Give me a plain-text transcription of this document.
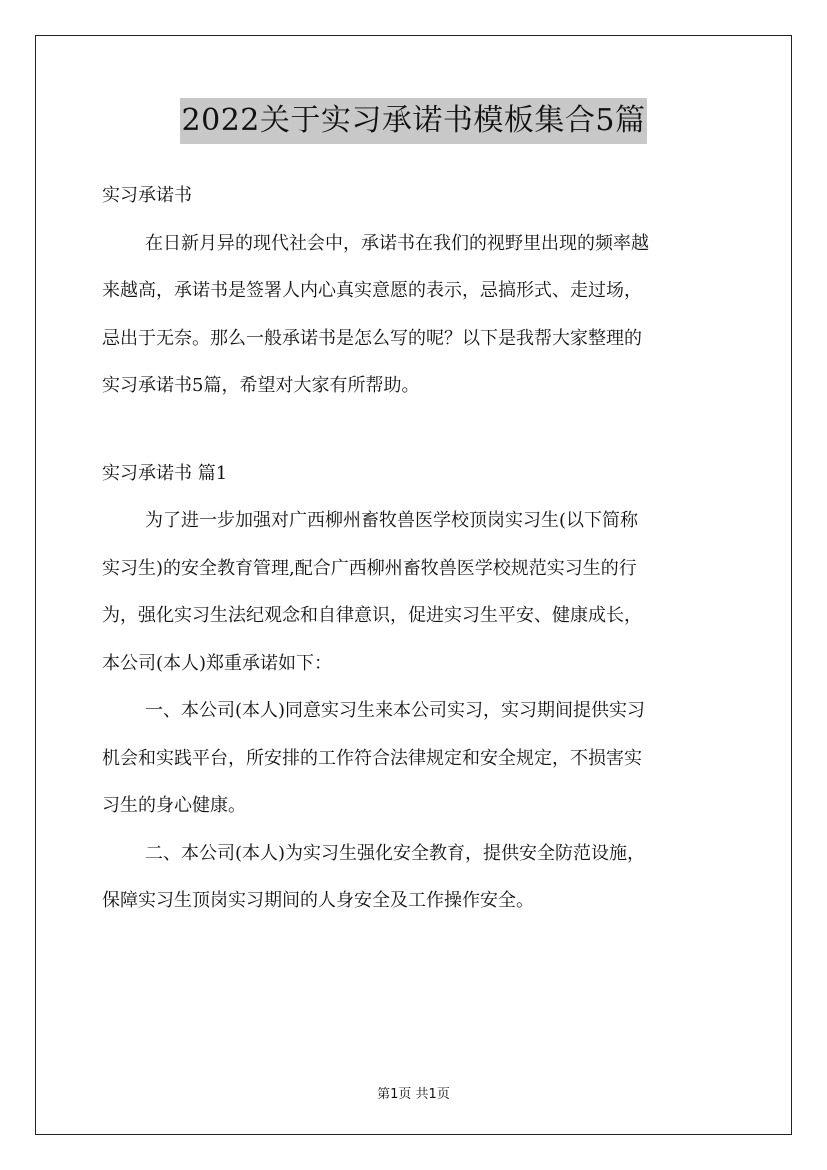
2022关于实习承诺书模板集合5篇

实习承诺书

在日新月异的现代社会中，承诺书在我们的视野里出现的频率越

来越高，承诺书是签署人内心真实意愿的表示，忌搞形式、走过场，

忌出于无奈。那么一般承诺书是怎么写的呢？以下是我帮大家整理的

实习承诺书5篇，希望对大家有所帮助。

实习承诺书 篇1

为了进一步加强对广西柳州畜牧兽医学校顶岗实习生(以下简称

实习生)的安全教育管理,配合广西柳州畜牧兽医学校规范实习生的行

为，强化实习生法纪观念和自律意识，促进实习生平安、健康成长，

本公司(本人)郑重承诺如下：

一、本公司(本人)同意实习生来本公司实习，实习期间提供实习

机会和实践平台，所安排的工作符合法律规定和安全规定，不损害实

习生的身心健康。

二、本公司(本人)为实习生强化安全教育，提供安全防范设施，

保障实习生顶岗实习期间的人身安全及工作操作安全。

第1页 共1页
